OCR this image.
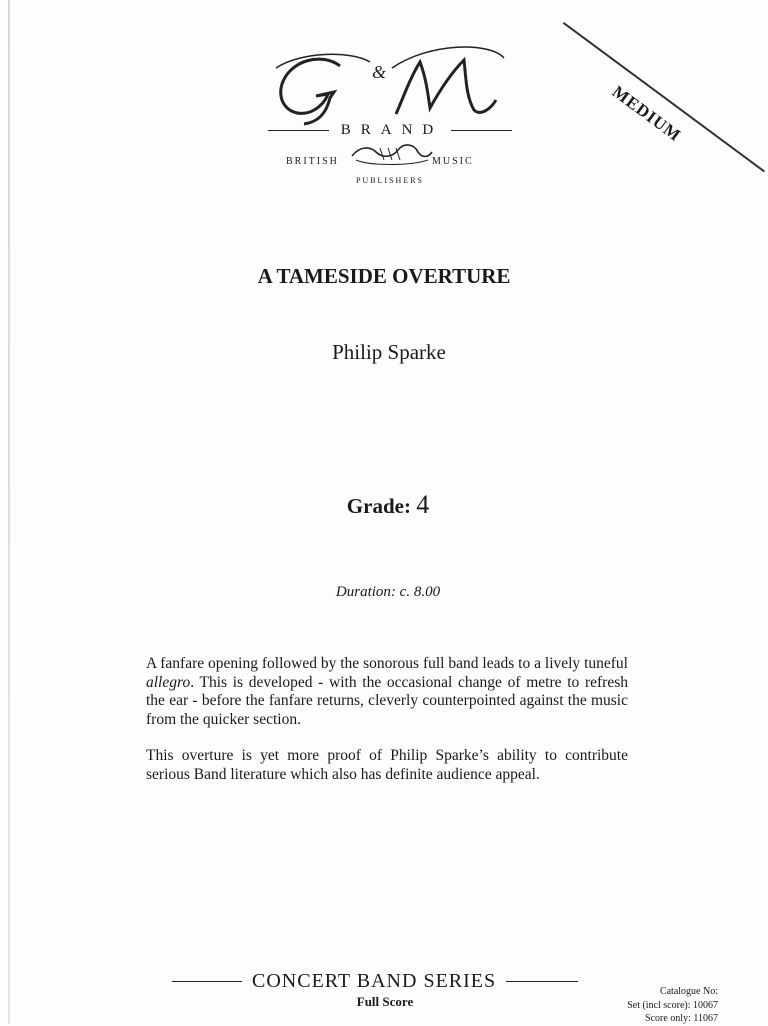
&
BRAND
BRITISH	MUSIC
PUBLISHERS
MEDIUM
A TAMESIDE OVERTURE
Philip Sparke
Grade: 4
Duration: c. 8.00

A fanfare opening followed by the sonorous full band leads to a lively tuneful allegro. This is developed - with the occasional change of metre to refresh the ear - before the fanfare returns, cleverly counterpointed against the music from the quicker section.

This overture is yet more proof of Philip Sparke’s ability to contribute serious Band literature which also has definite audience appeal.

CONCERT BAND SERIES
Full Score
Catalogue No:
Set (incl score): 10067
Score only: 11067
